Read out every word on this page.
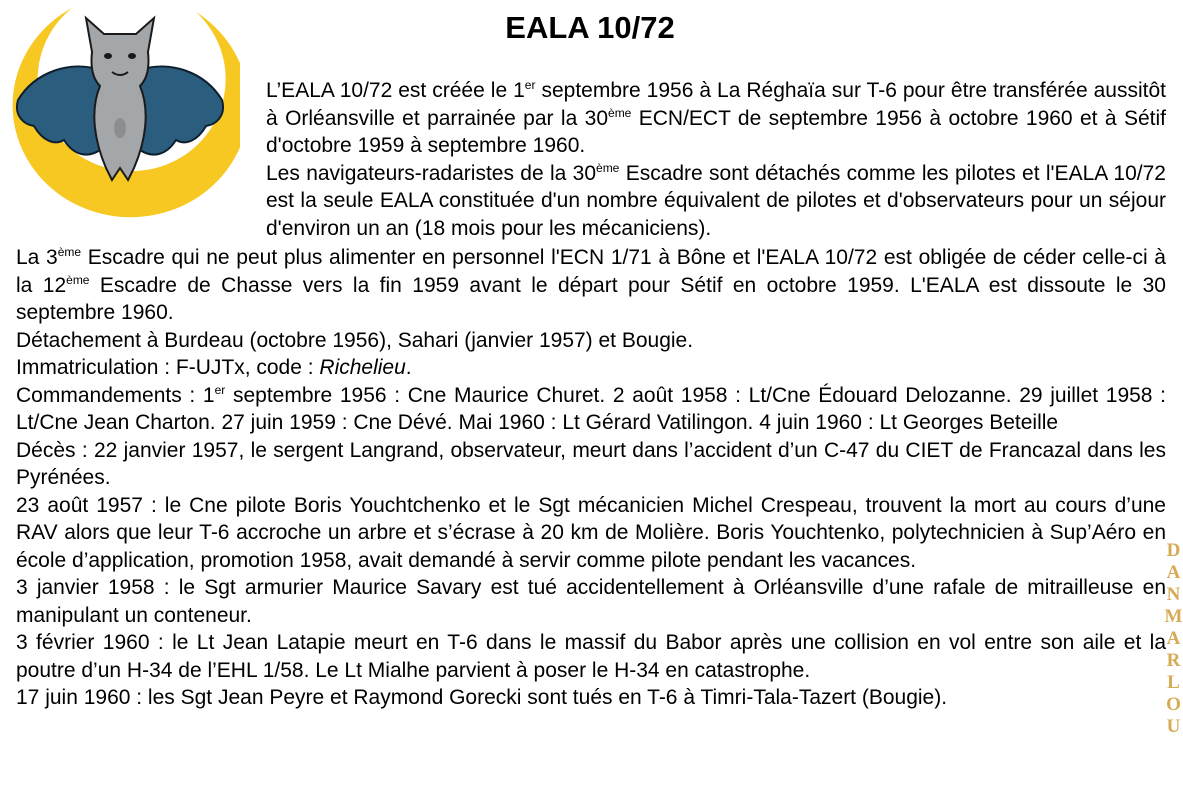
EALA 10/72

L’EALA 10/72 est créée le 1er septembre 1956 à La Réghaïa sur T-6 pour être transférée aussitôt à Orléansville et parrainée par la 30ème ECN/ECT de septembre 1956 à octobre 1960 et à Sétif d'octobre 1959 à septembre 1960.

Les navigateurs-radaristes de la 30ème Escadre sont détachés comme les pilotes et l'EALA 10/72 est la seule EALA constituée d'un nombre équivalent de pilotes et d'observateurs pour un séjour d'environ un an (18 mois pour les mécaniciens).

La 3ème Escadre qui ne peut plus alimenter en personnel l'ECN 1/71 à Bône et l'EALA 10/72 est obligée de céder celle-ci à la 12ème Escadre de Chasse vers la fin 1959 avant le départ pour Sétif en octobre 1959. L'EALA est dissoute le 30 septembre 1960.

Détachement à Burdeau (octobre 1956), Sahari (janvier 1957) et Bougie.

Immatriculation : F-UJTx, code : Richelieu.

Commandements : 1er septembre 1956 : Cne Maurice Churet. 2 août 1958 : Lt/Cne Édouard Delozanne. 29 juillet 1958 : Lt/Cne Jean Charton. 27 juin 1959 : Cne Dévé. Mai 1960 : Lt Gérard Vatilingon. 4 juin 1960 : Lt Georges Beteille

Décès : 22 janvier 1957, le sergent Langrand, observateur, meurt dans l’accident d’un C-47 du CIET de Francazal dans les Pyrénées.

23 août 1957 : le Cne pilote Boris Youchtchenko et le Sgt mécanicien Michel Crespeau, trouvent la mort au cours d’une RAV alors que leur T-6 accroche un arbre et s’écrase à 20 km de Molière. Boris Youchtenko, polytechnicien à Sup’Aéro en école d’application, promotion 1958, avait demandé à servir comme pilote pendant les vacances.

3 janvier 1958 : le Sgt armurier Maurice Savary est tué accidentellement à Orléansville d’une rafale de mitrailleuse en manipulant un conteneur.

3 février 1960 : le Lt Jean Latapie meurt en T-6 dans le massif du Babor après une collision en vol entre son aile et la poutre d’un H-34 de l’EHL 1/58. Le Lt Mialhe parvient à poser le H-34 en catastrophe.

17 juin 1960 : les Sgt Jean Peyre et Raymond Gorecki sont tués en T-6 à Timri-Tala-Tazert (Bougie).

D
A
N
M
A
R
L
O
U
